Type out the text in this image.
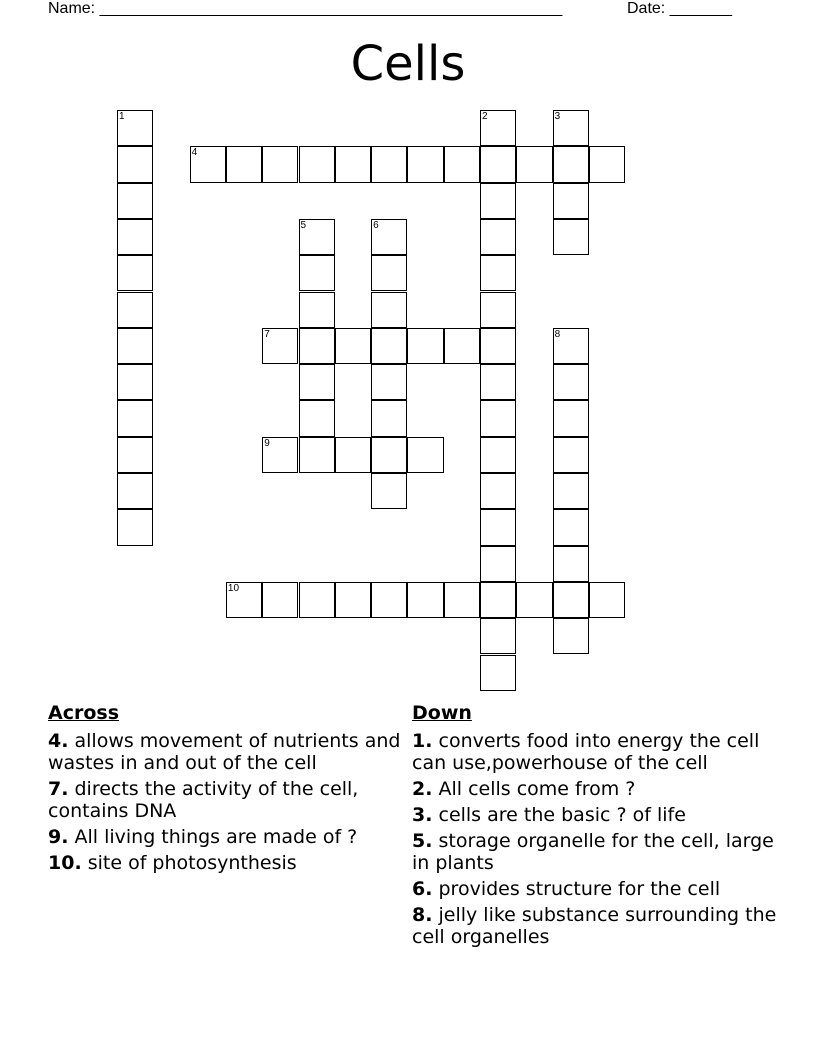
Name: ____________________________________________________	Date: _______
Cells
1	2	3
4
5	6
7	8
9
10
Across
4. allows movement of nutrients and wastes in and out of the cell
7. directs the activity of the cell, contains DNA
9. All living things are made of ?
10. site of photosynthesis
Down
1. converts food into energy the cell can use,powerhouse of the cell
2. All cells come from ?
3. cells are the basic ? of life
5. storage organelle for the cell, large in plants
6. provides structure for the cell
8. jelly like substance surrounding the cell organelles
